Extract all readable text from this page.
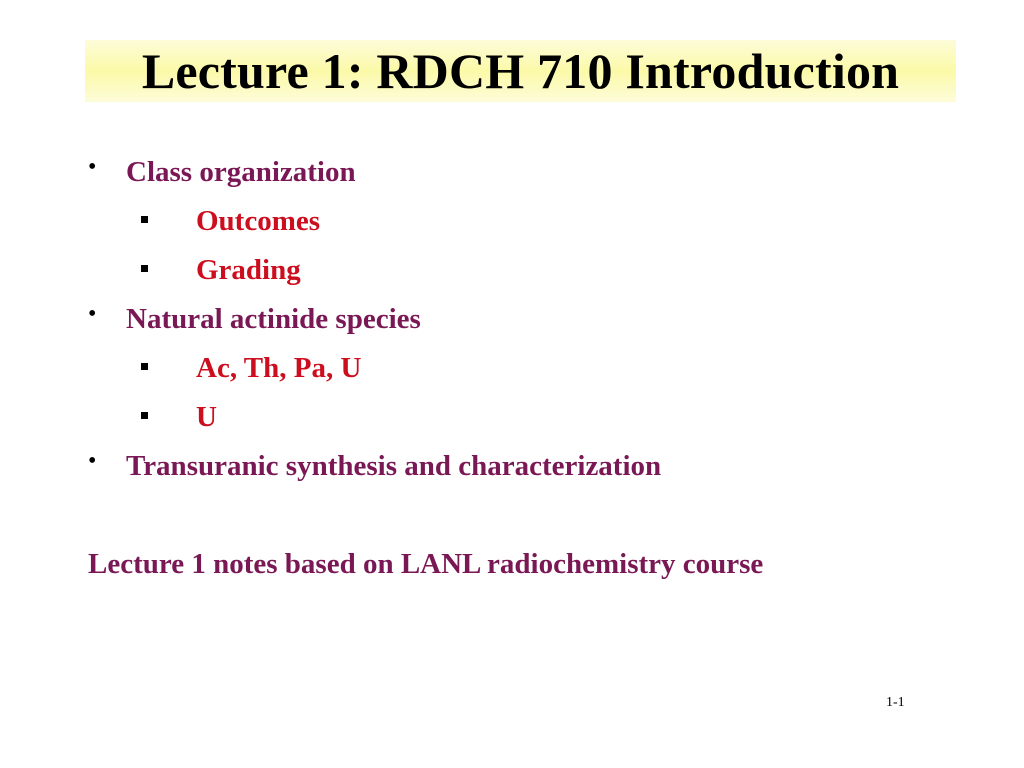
Lecture 1: RDCH 710 Introduction
• Class organization
Outcomes
Grading
• Natural actinide species
Ac, Th, Pa, U
U
• Transuranic synthesis and characterization
Lecture 1 notes based on LANL radiochemistry course
1-1
